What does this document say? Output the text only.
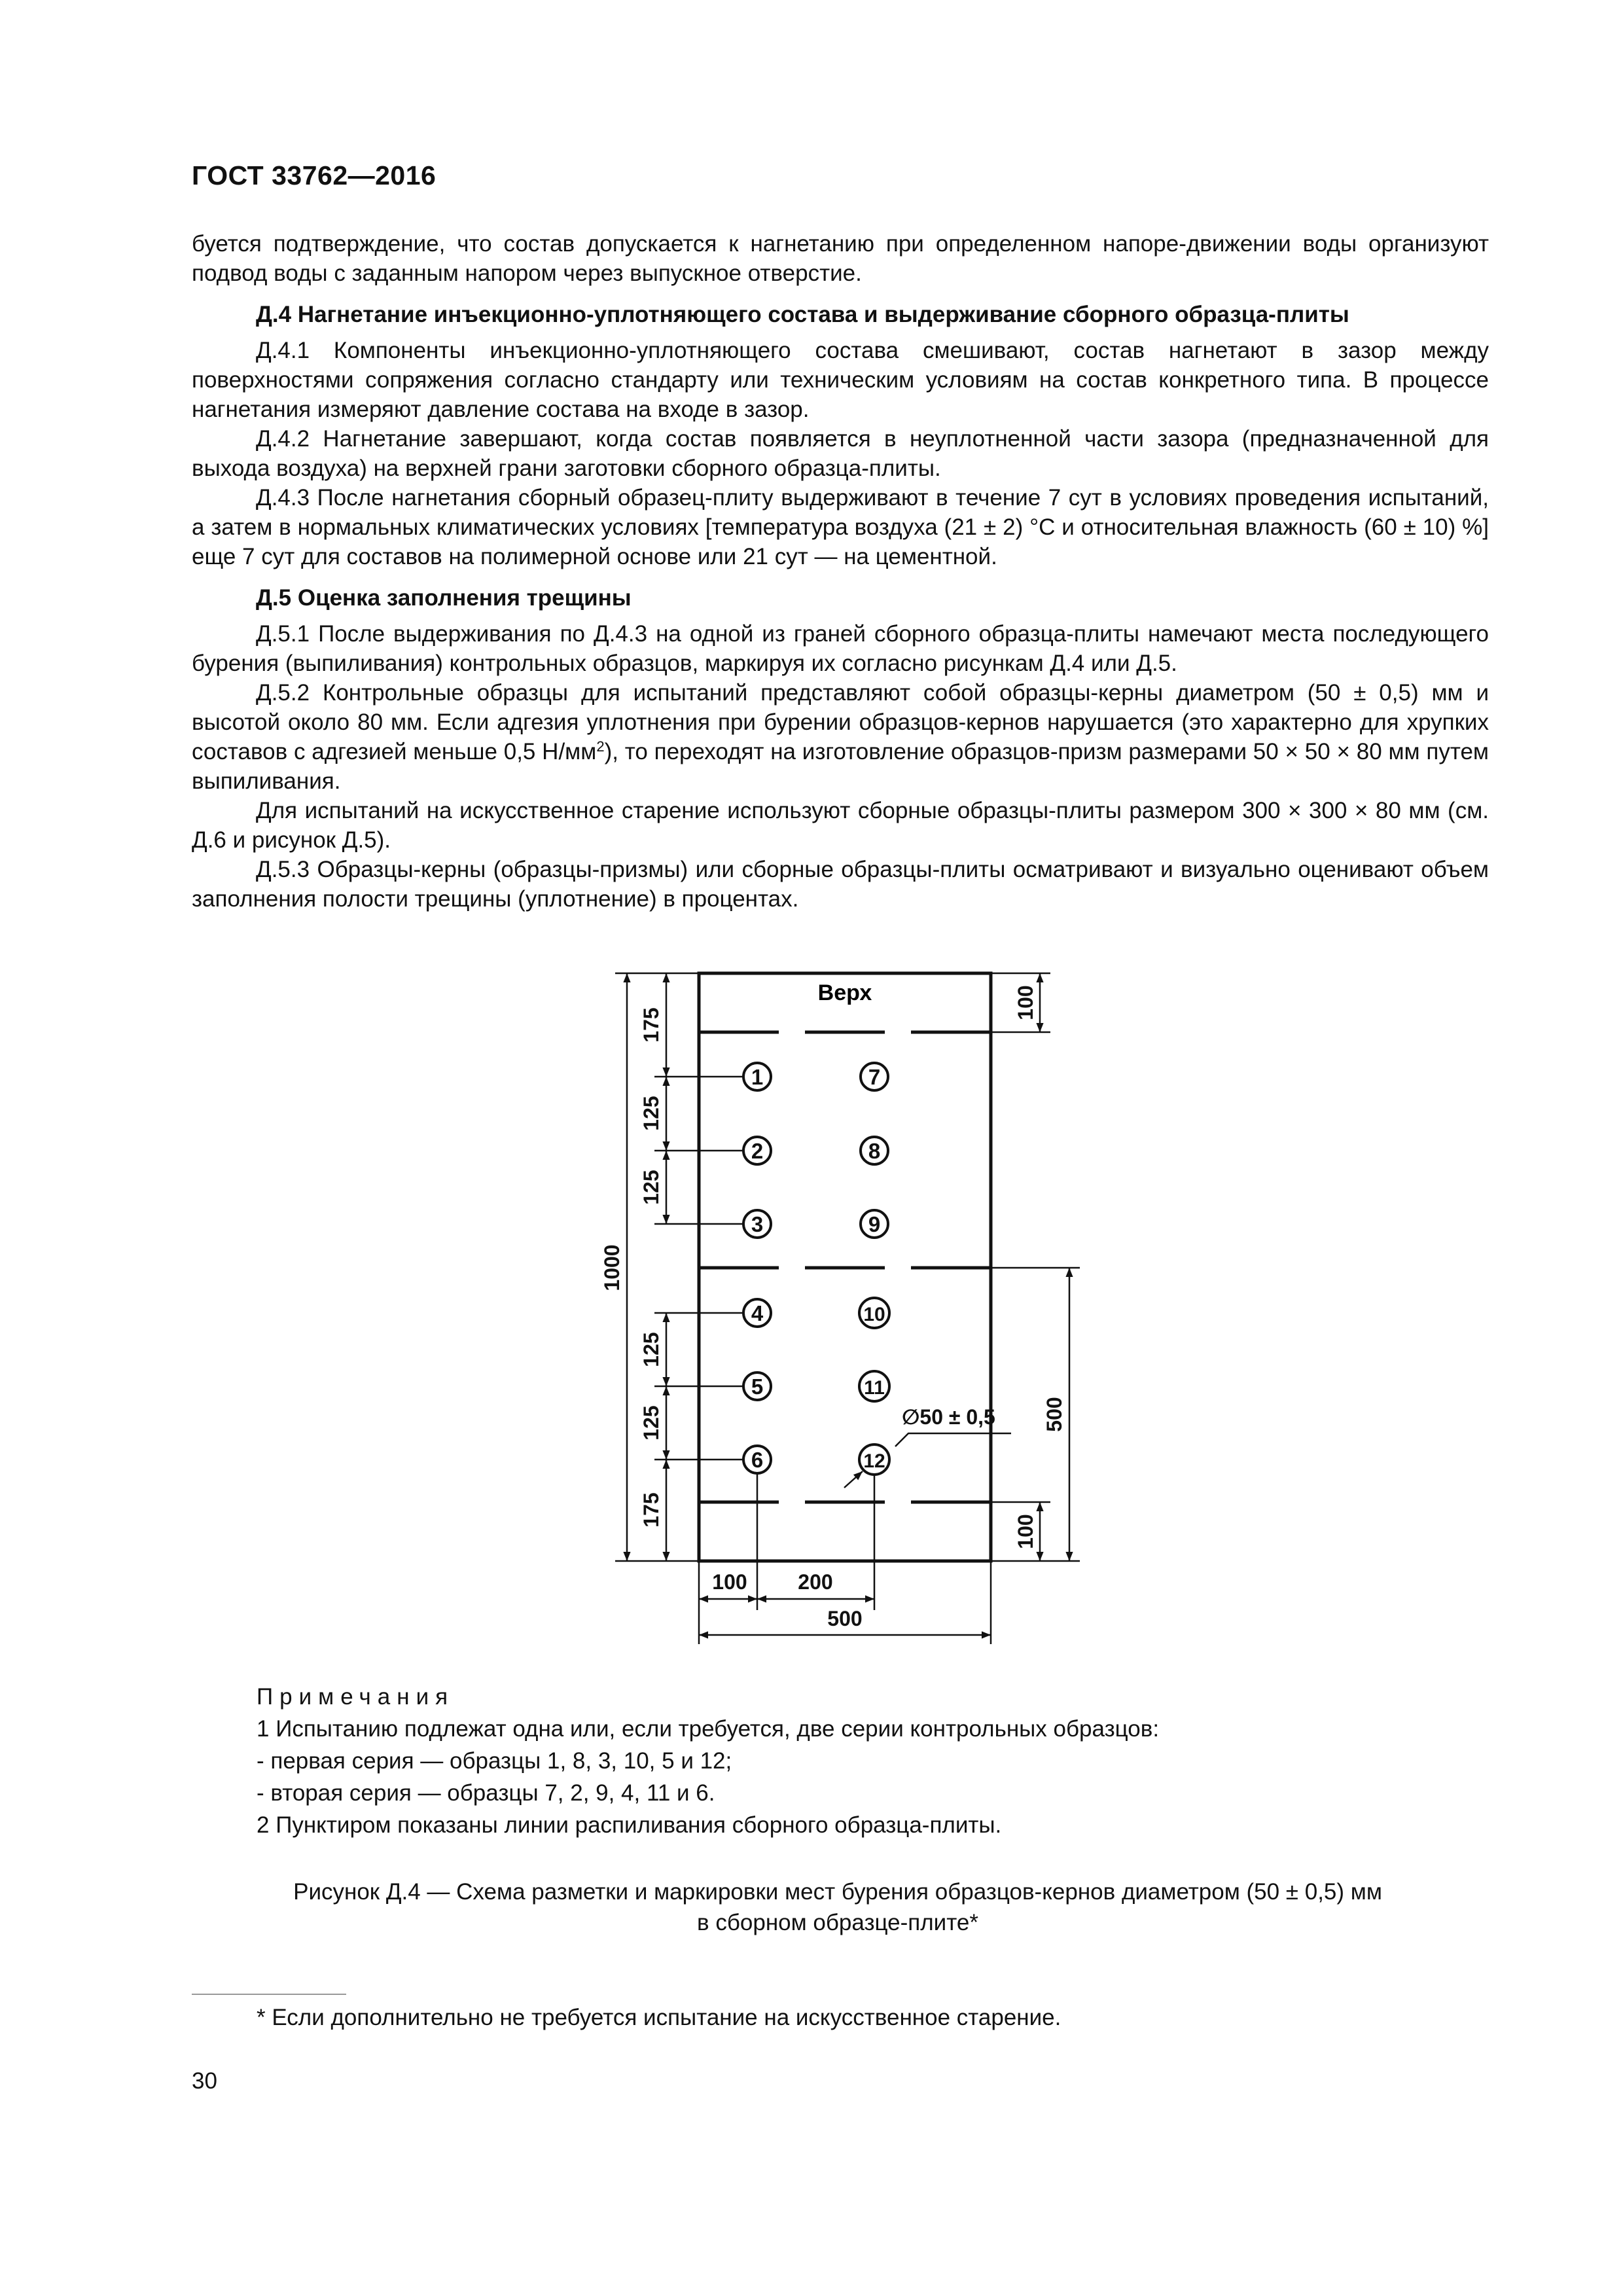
ГОСТ 33762—2016

буется подтверждение, что состав допускается к нагнетанию при определенном напоре-движении воды организуют подвод воды с заданным напором через выпускное отверстие.

Д.4 Нагнетание инъекционно-уплотняющего состава и выдерживание сборного образца-плиты

Д.4.1 Компоненты инъекционно-уплотняющего состава смешивают, состав нагнетают в зазор между поверхностями сопряжения согласно стандарту или техническим условиям на состав конкретного типа. В процессе нагнетания измеряют давление состава на входе в зазор.

Д.4.2 Нагнетание завершают, когда состав появляется в неуплотненной части зазора (предназначенной для выхода воздуха) на верхней грани заготовки сборного образца-плиты.

Д.4.3 После нагнетания сборный образец-плиту выдерживают в течение 7 сут в условиях проведения испытаний, а затем в нормальных климатических условиях [температура воздуха (21 ± 2) °С и относительная влажность (60 ± 10) %] еще 7 сут для составов на полимерной основе или 21 сут — на цементной.

Д.5 Оценка заполнения трещины

Д.5.1 После выдерживания по Д.4.3 на одной из граней сборного образца-плиты намечают места последующего бурения (выпиливания) контрольных образцов, маркируя их согласно рисункам Д.4 или Д.5.

Д.5.2 Контрольные образцы для испытаний представляют собой образцы-керны диаметром (50 ± 0,5) мм и высотой около 80 мм. Если адгезия уплотнения при бурении образцов-кернов нарушается (это характерно для хрупких составов с адгезией меньше 0,5 $Н/мм^2$), то переходят на изготовление образцов-призм размерами 50 × 50 × 80 мм путем выпиливания.

Для испытаний на искусственное старение используют сборные образцы-плиты размером 300 × 300 × 80 мм (см. Д.6 и рисунок Д.5).

Д.5.3 Образцы-керны (образцы-призмы) или сборные образцы-плиты осматривают и визуально оценивают объем заполнения полости трещины (уплотнение) в процентах.

Верх
1000
175
125
125
125
125
175
100
100
500
100 200
500
∅50 ± 0,5
1
2
3
4
5
6
7
8
9
10
11
12
Примечания
1 Испытанию подлежат одна или, если требуется, две серии контрольных образцов:
- первая серия — образцы 1, 8, 3, 10, 5 и 12;
- вторая серия — образцы 7, 2, 9, 4, 11 и 6.
2 Пунктиром показаны линии распиливания сборного образца-плиты.
Рисунок Д.4 — Схема разметки и маркировки мест бурения образцов-кернов диаметром (50 ± 0,5) мм
в сборном образце-плите*
* Если дополнительно не требуется испытание на искусственное старение.
30
